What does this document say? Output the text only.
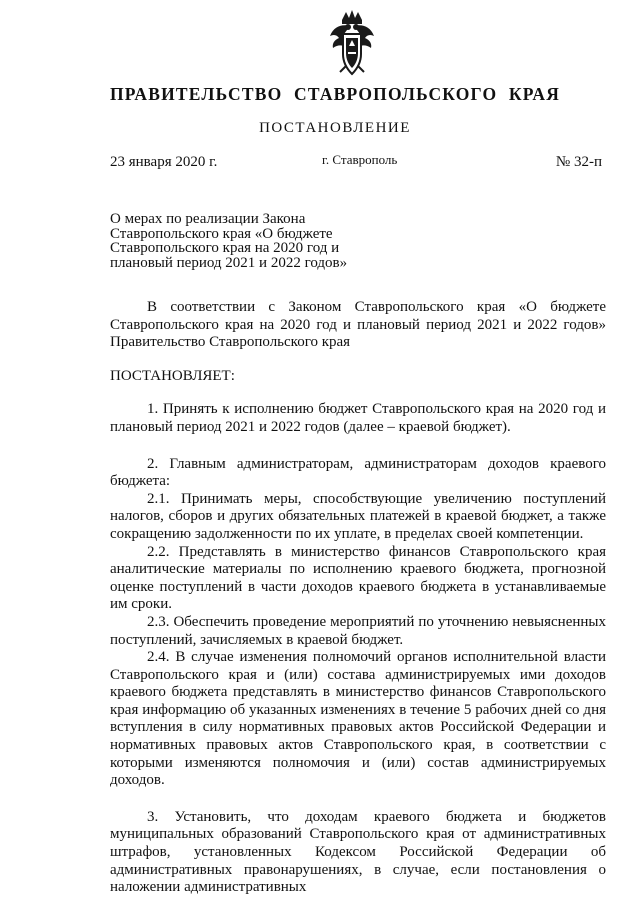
ПРАВИТЕЛЬСТВО СТАВРОПОЛЬСКОГО КРАЯ
ПОСТАНОВЛЕНИЕ
23 января 2020 г.	г. Ставрополь	№ 32-п
О мерах по реализации Закона
Ставропольского края «О бюджете
Ставропольского края на 2020 год и
плановый период 2021 и 2022 годов»

В соответствии с Законом Ставропольского края «О бюджете Ставропольского края на 2020 год и плановый период 2021 и 2022 годов» Правительство Ставропольского края

ПОСТАНОВЛЯЕТ:

1. Принять к исполнению бюджет Ставропольского края на 2020 год и плановый период 2021 и 2022 годов (далее – краевой бюджет).

2. Главным администраторам, администраторам доходов краевого бюджета:

2.1. Принимать меры, способствующие увеличению поступлений налогов, сборов и других обязательных платежей в краевой бюджет, а также сокращению задолженности по их уплате, в пределах своей компетенции.

2.2. Представлять в министерство финансов Ставропольского края аналитические материалы по исполнению краевого бюджета, прогнозной оценке поступлений в части доходов краевого бюджета в устанавливаемые им сроки.

2.3. Обеспечить проведение мероприятий по уточнению невыясненных поступлений, зачисляемых в краевой бюджет.

2.4. В случае изменения полномочий органов исполнительной власти Ставропольского края и (или) состава администрируемых ими доходов краевого бюджета представлять в министерство финансов Ставропольского края информацию об указанных изменениях в течение 5 рабочих дней со дня вступления в силу нормативных правовых актов Российской Федерации и нормативных правовых актов Ставропольского края, в соответствии с которыми изменяются полномочия и (или) состав администрируемых доходов.

3. Установить, что доходам краевого бюджета и бюджетов муниципальных образований Ставропольского края от административных штрафов, установленных Кодексом Российской Федерации об административных правонарушениях, в случае, если постановления о наложении административных
